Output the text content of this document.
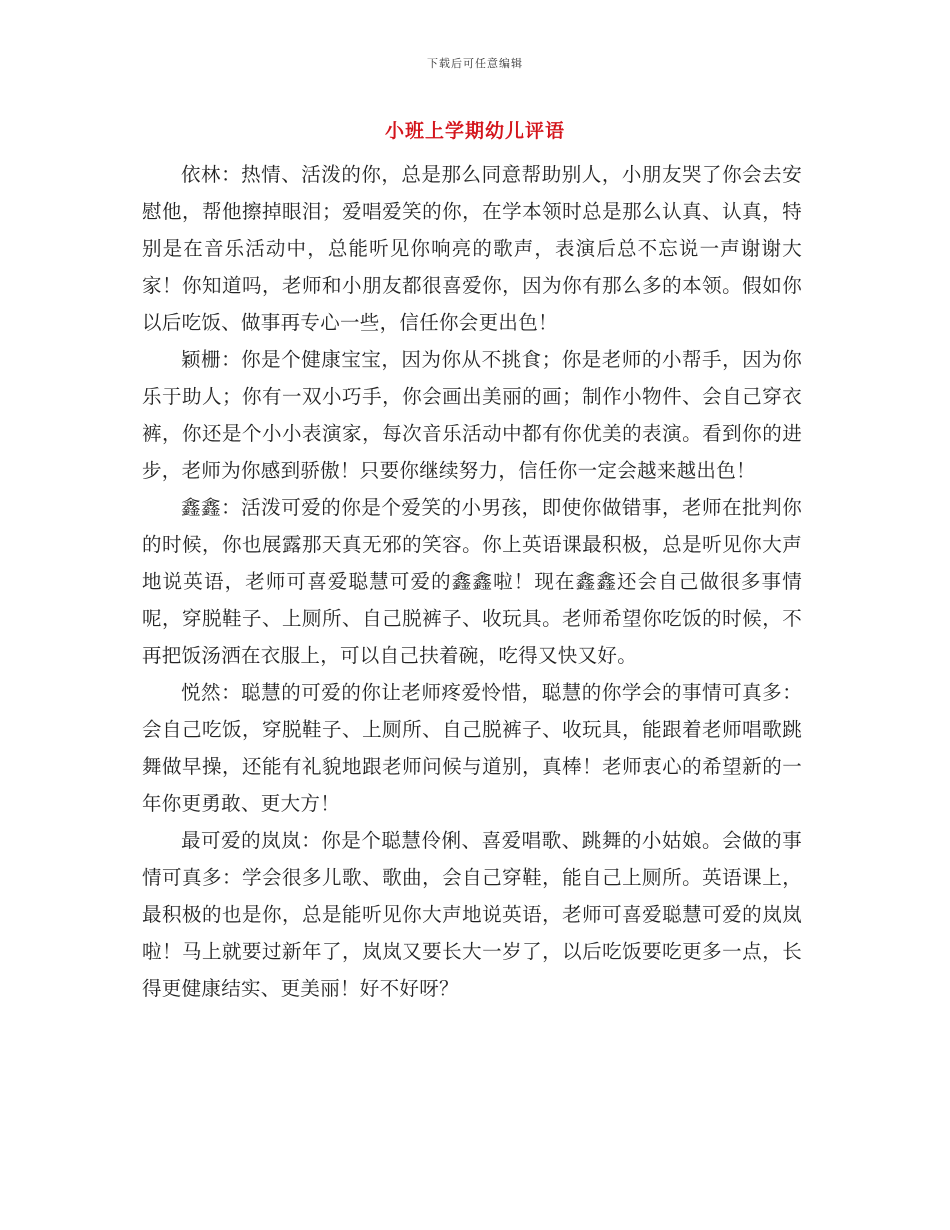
下载后可任意编辑
小班上学期幼儿评语

依林：热情、活泼的你，总是那么同意帮助别人，小朋友哭了你会去安慰他，帮他擦掉眼泪；爱唱爱笑的你，在学本领时总是那么认真、认真，特别是在音乐活动中，总能听见你响亮的歌声，表演后总不忘说一声谢谢大家！你知道吗，老师和小朋友都很喜爱你，因为你有那么多的本领。假如你以后吃饭、做事再专心一些，信任你会更出色！

颖栅：你是个健康宝宝，因为你从不挑食；你是老师的小帮手，因为你乐于助人；你有一双小巧手，你会画出美丽的画；制作小物件、会自己穿衣裤，你还是个小小表演家，每次音乐活动中都有你优美的表演。看到你的进步，老师为你感到骄傲！只要你继续努力，信任你一定会越来越出色！

鑫鑫：活泼可爱的你是个爱笑的小男孩，即使你做错事，老师在批判你的时候，你也展露那天真无邪的笑容。你上英语课最积极，总是听见你大声地说英语，老师可喜爱聪慧可爱的鑫鑫啦！现在鑫鑫还会自己做很多事情呢，穿脱鞋子、上厕所、自己脱裤子、收玩具。老师希望你吃饭的时候，不再把饭汤洒在衣服上，可以自己扶着碗，吃得又快又好。

悦然：聪慧的可爱的你让老师疼爱怜惜，聪慧的你学会的事情可真多：会自己吃饭，穿脱鞋子、上厕所、自己脱裤子、收玩具，能跟着老师唱歌跳舞做早操，还能有礼貌地跟老师问候与道别，真棒！老师衷心的希望新的一年你更勇敢、更大方！

最可爱的岚岚：你是个聪慧伶俐、喜爱唱歌、跳舞的小姑娘。会做的事情可真多：学会很多儿歌、歌曲，会自己穿鞋，能自己上厕所。英语课上，最积极的也是你，总是能听见你大声地说英语，老师可喜爱聪慧可爱的岚岚啦！马上就要过新年了，岚岚又要长大一岁了，以后吃饭要吃更多一点，长得更健康结实、更美丽！好不好呀？
